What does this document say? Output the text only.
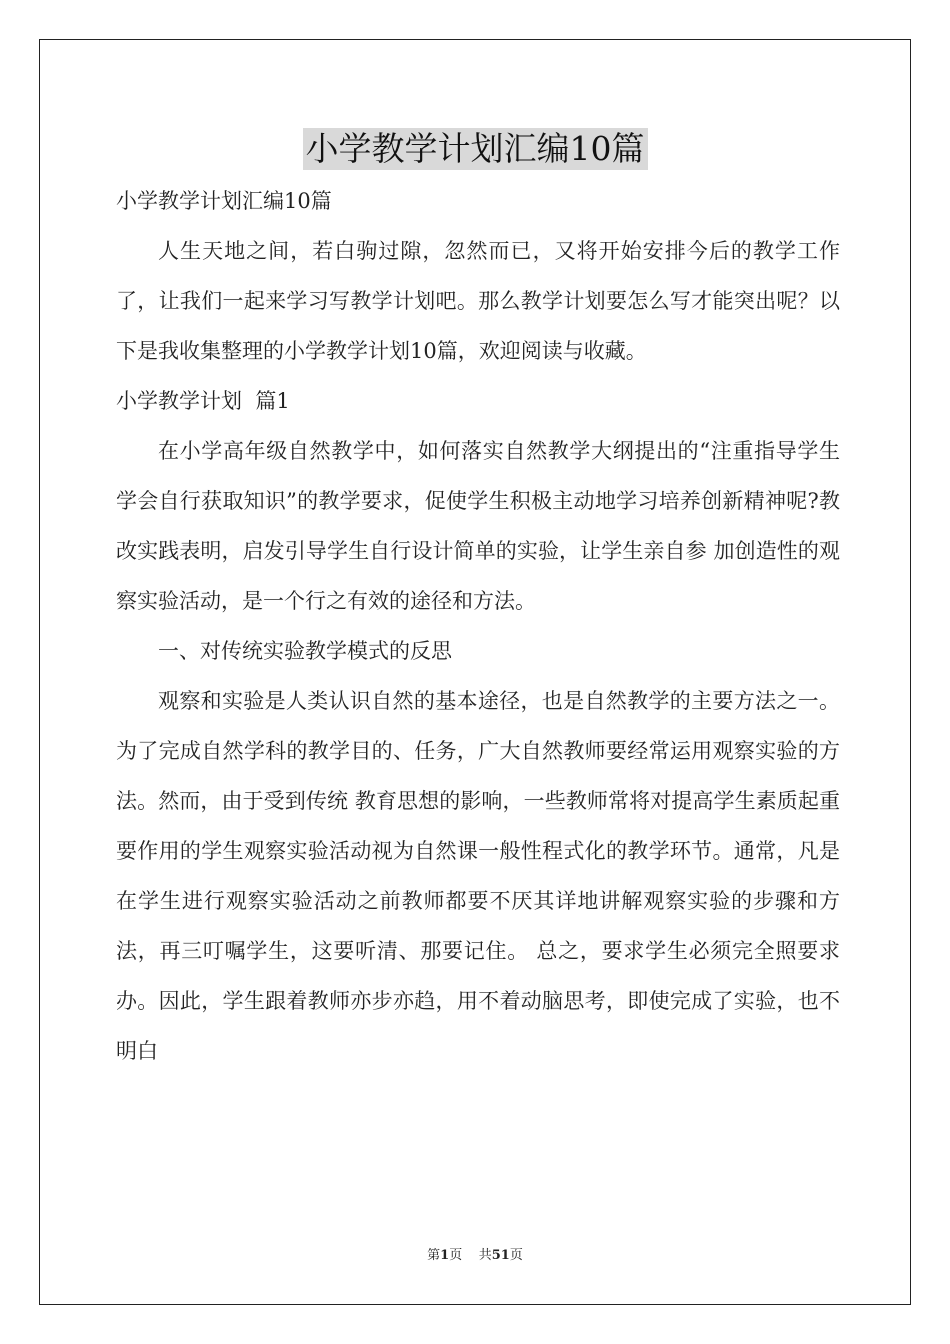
小学教学计划汇编10篇
小学教学计划汇编10篇

人生天地之间，若白驹过隙，忽然而已，又将开始安排今后的教学工作了，让我们一起来学习写教学计划吧。那么教学计划要怎么写才能突出呢？以下是我收集整理的小学教学计划10篇，欢迎阅读与收藏。

小学教学计划  篇1

在小学高年级自然教学中，如何落实自然教学大纲提出的“注重指导学生学会自行获取知识”的教学要求，促使学生积极主动地学习培养创新精神呢?教改实践表明，启发引导学生自行设计简单的实验，让学生亲自参 加创造性的观察实验活动，是一个行之有效的途径和方法。

一、对传统实验教学模式的反思

观察和实验是人类认识自然的基本途径，也是自然教学的主要方法之一。为了完成自然学科的教学目的、任务，广大自然教师要经常运用观察实验的方法。然而，由于受到传统 教育思想的影响，一些教师常将对提高学生素质起重要作用的学生观察实验活动视为自然课一般性程式化的教学环节。通常，凡是在学生进行观察实验活动之前教师都要不厌其详地讲解观察实验的步骤和方法，再三叮嘱学生，这要听清、那要记住。 总之，要求学生必须完全照要求办。因此，学生跟着教师亦步亦趋，用不着动脑思考，即使完成了实验，也不明白

第1页 共51页
